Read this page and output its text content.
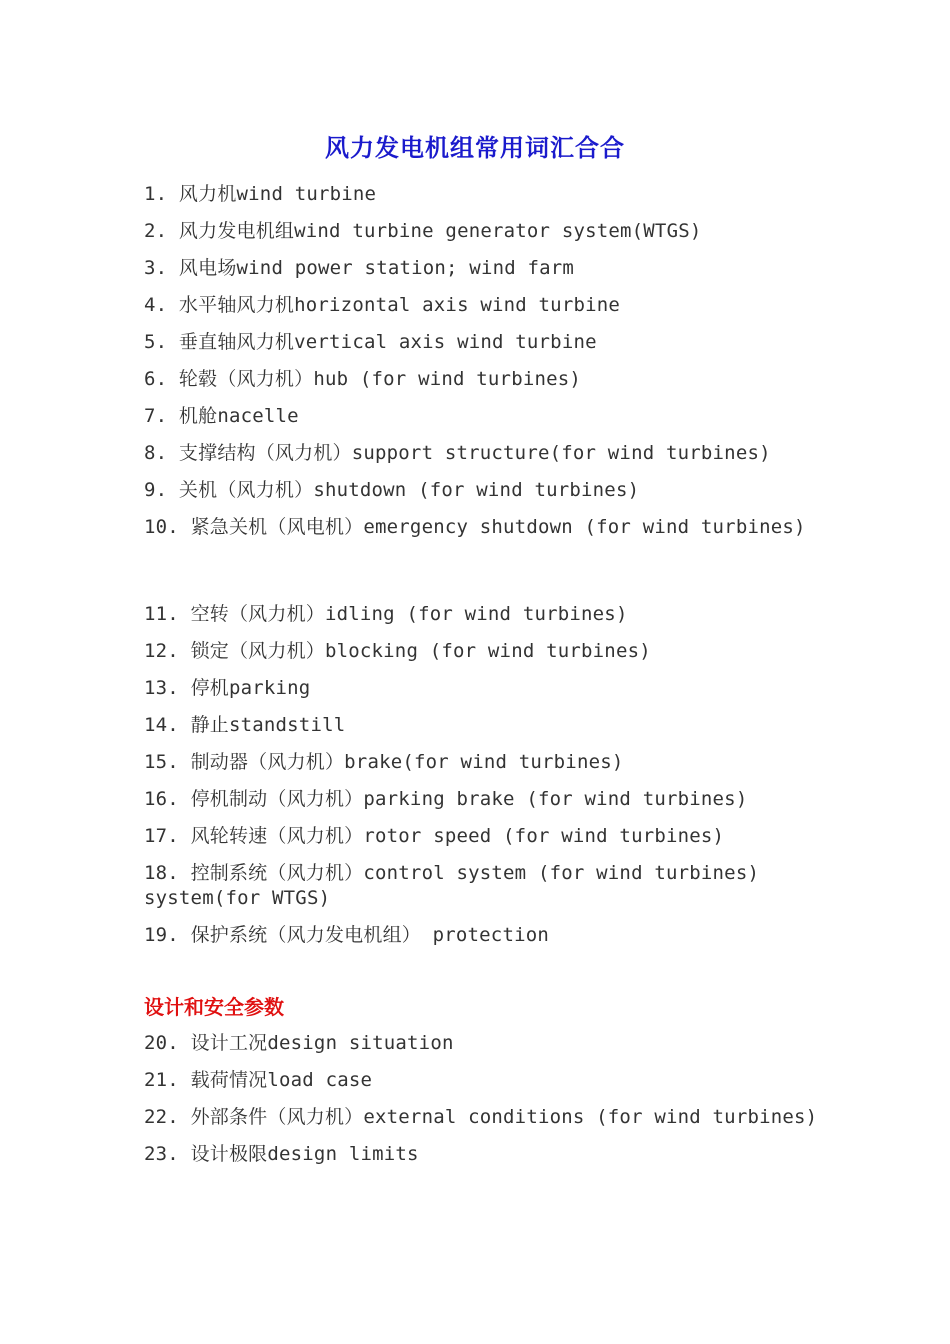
风力发电机组常用词汇合合
1. 风力机wind turbine
2. 风力发电机组wind turbine generator system(WTGS)
3. 风电场wind power station; wind farm
4. 水平轴风力机horizontal axis wind turbine
5. 垂直轴风力机vertical axis wind turbine
6. 轮毂（风力机）hub (for wind turbines)
7. 机舱nacelle
8. 支撑结构（风力机）support structure(for wind turbines)
9. 关机（风力机）shutdown (for wind turbines)
10. 紧急关机（风电机）emergency shutdown (for wind turbines)
11. 空转（风力机）idling (for wind turbines)
12. 锁定（风力机）blocking (for wind turbines)
13. 停机parking
14. 静止standstill
15. 制动器（风力机）brake(for wind turbines)
16. 停机制动（风力机）parking brake (for wind turbines)
17. 风轮转速（风力机）rotor speed (for wind turbines)
18. 控制系统（风力机）control system (for wind turbines) system(for WTGS)
19. 保护系统（风力发电机组） protection
设计和安全参数
20. 设计工况design situation
21. 载荷情况load case
22. 外部条件（风力机）external conditions (for wind turbines)
23. 设计极限design limits
